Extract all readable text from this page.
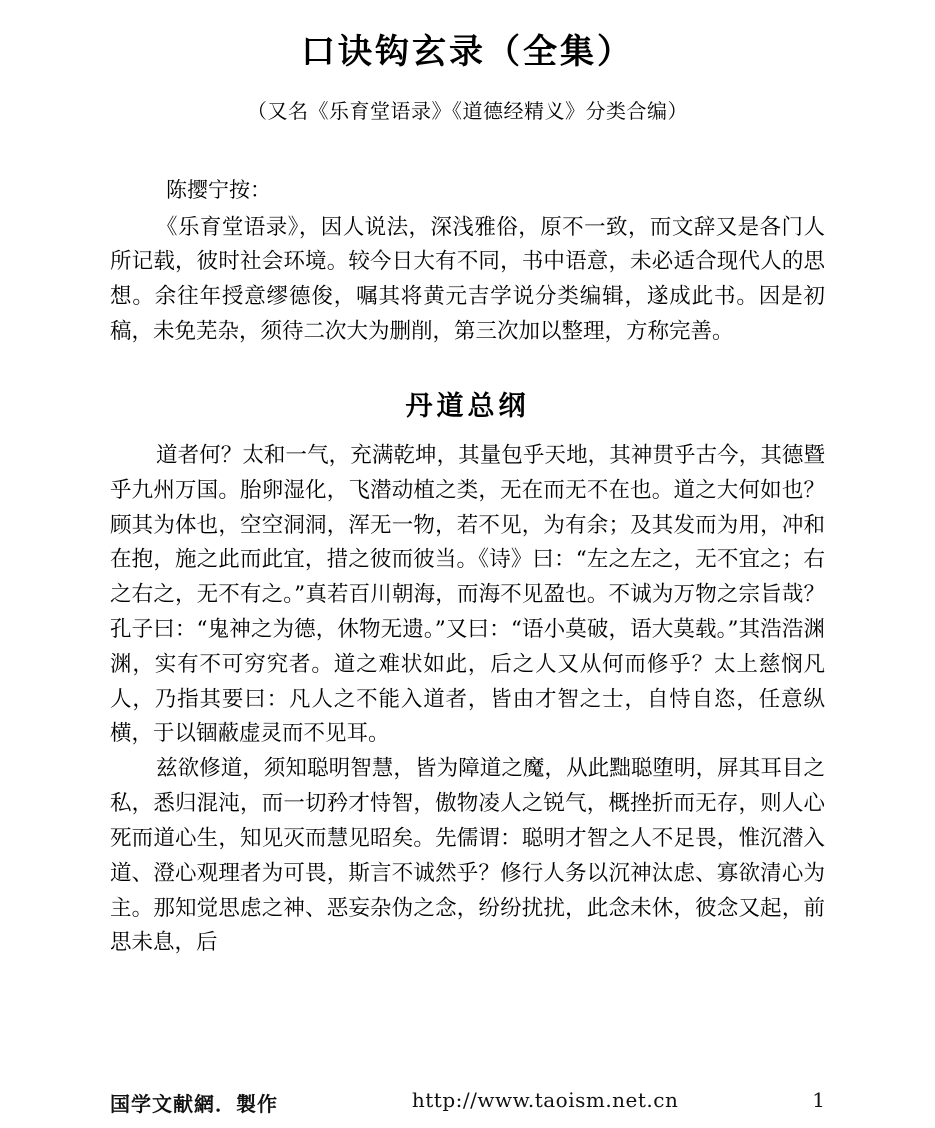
口诀钩玄录（全集）
（又名《乐育堂语录》《道德经精义》分类合编）
陈撄宁按：

《乐育堂语录》，因人说法，深浅雅俗，原不一致，而文辞又是各门人所记载，彼时社会环境。较今日大有不同，书中语意，未必适合现代人的思想。余往年授意缪德俊，嘱其将黄元吉学说分类编辑，遂成此书。因是初稿，未免芜杂，须待二次大为删削，第三次加以整理，方称完善。

丹道总纲

道者何？太和一气，充满乾坤，其量包乎天地，其神贯乎古今，其德暨乎九州万国。胎卵湿化，飞潜动植之类，无在而无不在也。道之大何如也？顾其为体也，空空洞洞，浑无一物，若不见，为有余；及其发而为用，冲和在抱，施之此而此宜，措之彼而彼当。《诗》曰：“左之左之，无不宜之；右之右之，无不有之。”真若百川朝海，而海不见盈也。不诚为万物之宗旨哉？孔子曰：“鬼神之为德，休物无遗。”又曰：“语小莫破，语大莫载。”其浩浩渊渊，实有不可穷究者。道之难状如此，后之人又从何而修乎？太上慈悯凡人，乃指其要曰：凡人之不能入道者，皆由才智之士，自恃自恣，任意纵横，于以锢蔽虚灵而不见耳。

兹欲修道，须知聪明智慧，皆为障道之魔，从此黜聪堕明，屏其耳目之私，悉归混沌，而一切矜才恃智，傲物凌人之锐气，概挫折而无存，则人心死而道心生，知见灭而慧见昭矣。先儒谓：聪明才智之人不足畏，惟沉潜入道、澄心观理者为可畏，斯言不诚然乎？修行人务以沉神汰虑、寡欲清心为主。那知觉思虑之神、恶妄杂伪之念，纷纷扰扰，此念未休，彼念又起，前思未息，后

国学文献網．製作	http://www.taoism.net.cn	1
